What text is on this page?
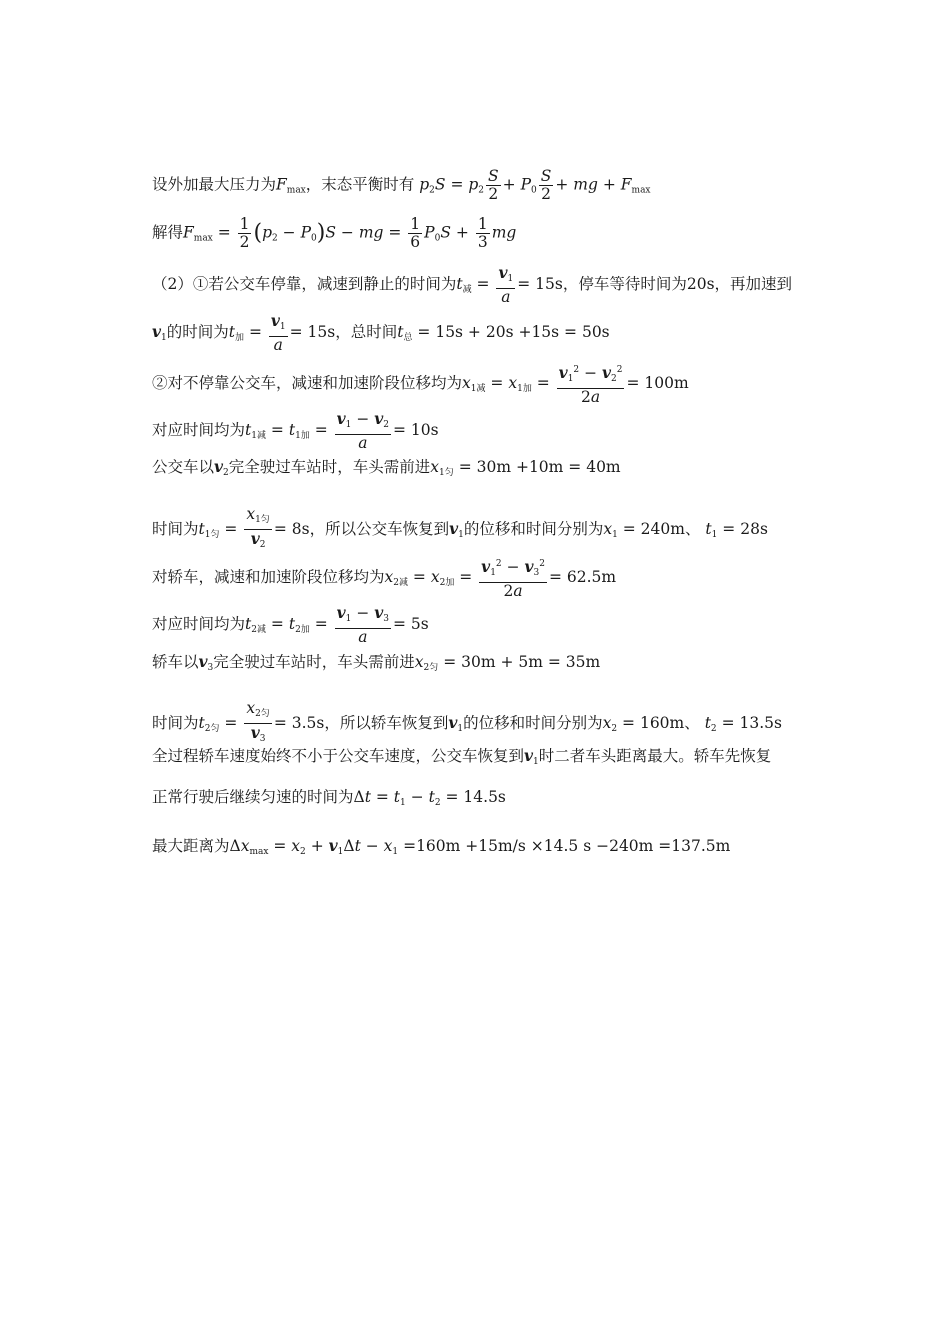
设外加最大压力为$F_{max}$，末态平衡时有 $p_2S = p_2 \frac{S}{2} + P_0 \frac{S}{2}$ + mg + $F_{max}$
解得$F_{max} = \frac{1}{2} (p_2 - P_0)S$ − mg = $\frac{1}{6} P_0S + \frac{1}{3}$ mg
（2）①若公交车停靠，减速到静止的时间为$t_减 = \frac{v_1}{a} = 15s$，停车等待时间为20s，再加速到
$v_1$的时间为$t_加 = \frac{v_1}{a} = 15s$，总时间$t_总 = 15s + 20s +15s = 50s$
②对不停靠公交车，减速和加速阶段位移均为$x_{1减} = x_{1加} = \frac{v_1^2 - v_2^2}{2a} = 100m$
对应时间均为$t_{1减} = t_{1加} = \frac{v_1 - v_2}{a} = 10s$
公交车以$v_2$完全驶过车站时，车头需前进$x_{1匀} = 30m +10m = 40m$
时间为$t_{1匀} = \frac{x_{1匀}}{v_2} = 8s$，所以公交车恢复到$v_1$的位移和时间分别为$x_1 = 240m$、 $t_1 = 28s$
对轿车，减速和加速阶段位移均为$x_{2减} = x_{2加} = \frac{v_1^2 - v_3^2}{2a} = 62.5m$
对应时间均为$t_{2减} = t_{2加} = \frac{v_1 - v_3}{a} = 5s$
轿车以$v_3$完全驶过车站时，车头需前进$x_{2匀} = 30m + 5m = 35m$
时间为$t_{2匀} = \frac{x_{2匀}}{v_3} = 3.5s$，所以轿车恢复到$v_1$的位移和时间分别为$x_2 = 160m$、 $t_2 = 13.5s$
全过程轿车速度始终不小于公交车速度，公交车恢复到$v_1$时二者车头距离最大。轿车先恢复
正常行驶后继续匀速的时间为$\Delta t = t_1 - t_2 = 14.5s$
最大距离为$\Delta x_{max} = x_2 + v_1\Delta t - x_1 =160m +15m/s \times 14.5$ s −240m =137.5m
